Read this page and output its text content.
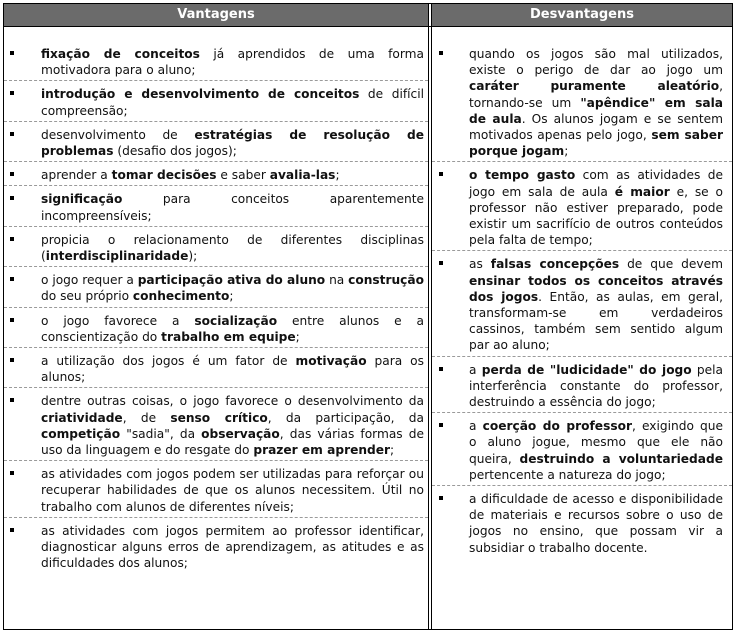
Vantagens	Desvantagens
fixação de conceitos já aprendidos de uma forma motivadora para o aluno;
introdução e desenvolvimento de conceitos de difícil compreensão;
desenvolvimento de estratégias de resolução de problemas (desafio dos jogos);
aprender a tomar decisões e saber avalia-las;
significação para conceitos aparentemente incompreensíveis;
propicia o relacionamento de diferentes disciplinas (interdisciplinaridade);
o jogo requer a participação ativa do aluno na construção do seu próprio conhecimento;
o jogo favorece a socialização entre alunos e a conscientização do trabalho em equipe;
a utilização dos jogos é um fator de motivação para os alunos;
dentre outras coisas, o jogo favorece o desenvolvimento da criatividade, de senso crítico, da participação, da competição "sadia", da observação, das várias formas de uso da linguagem e do resgate do prazer em aprender;
as atividades com jogos podem ser utilizadas para reforçar ou recuperar habilidades de que os alunos necessitem. Útil no trabalho com alunos de diferentes níveis;
as atividades com jogos permitem ao professor identificar, diagnosticar alguns erros de aprendizagem, as atitudes e as dificuldades dos alunos;
quando os jogos são mal utilizados, existe o perigo de dar ao jogo um caráter puramente aleatório, tornando-se um "apêndice" em sala de aula. Os alunos jogam e se sentem motivados apenas pelo jogo, sem saber porque jogam;
o tempo gasto com as atividades de jogo em sala de aula é maior e, se o professor não estiver preparado, pode existir um sacrifício de outros conteúdos pela falta de tempo;
as falsas concepções de que devem ensinar todos os conceitos através dos jogos. Então, as aulas, em geral, transformam-se em verdadeiros cassinos, também sem sentido algum par ao aluno;
a perda de "ludicidade" do jogo pela interferência constante do professor, destruindo a essência do jogo;
a coerção do professor, exigindo que o aluno jogue, mesmo que ele não queira, destruindo a voluntariedade pertencente a natureza do jogo;
a dificuldade de acesso e disponibilidade de materiais e recursos sobre o uso de jogos no ensino, que possam vir a subsidiar o trabalho docente.
